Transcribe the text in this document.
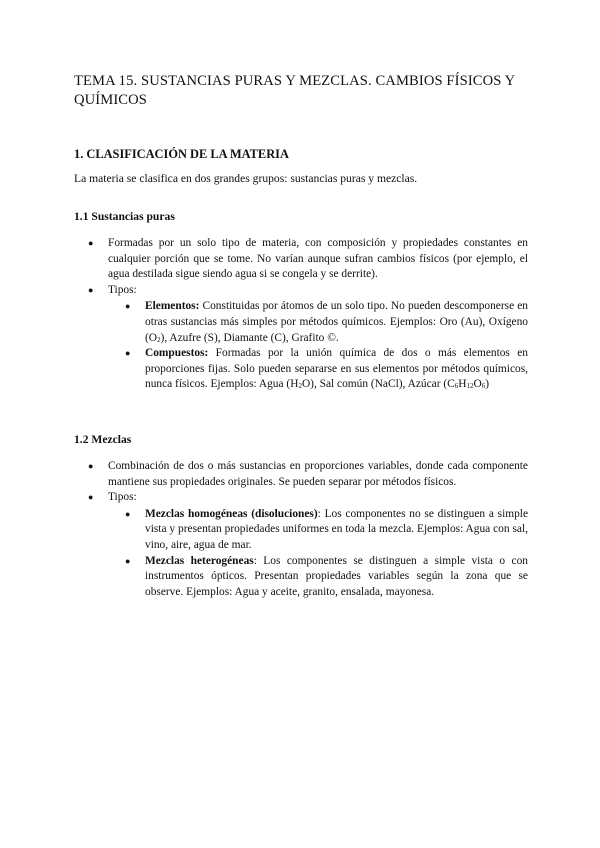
TEMA 15. SUSTANCIAS PURAS Y MEZCLAS. CAMBIOS FÍSICOS Y QUÍMICOS
1. CLASIFICACIÓN DE LA MATERIA

La materia se clasifica en dos grandes grupos: sustancias puras y mezclas.

1.1 Sustancias puras
● Formadas por un solo tipo de materia, con composición y propiedades constantes en cualquier porción que se tome. No varían aunque sufran cambios físicos (por ejemplo, el agua destilada sigue siendo agua si se congela y se derrite).
● Tipos:
● Elementos: Constituidas por átomos de un solo tipo. No pueden descomponerse en otras sustancias más simples por métodos químicos. Ejemplos: Oro (Au), Oxígeno $(O_2)$, Azufre (S), Diamante (C), Grafito ©.
● Compuestos: Formadas por la unión química de dos o más elementos en proporciones fijas. Solo pueden separarse en sus elementos por métodos químicos, nunca físicos. Ejemplos: Agua $(H_2O)$, Sal común (NaCl), Azúcar $(C_6H_{12}O_6)$
1.2 Mezclas
● Combinación de dos o más sustancias en proporciones variables, donde cada componente mantiene sus propiedades originales. Se pueden separar por métodos físicos.
● Tipos:
● Mezclas homogéneas (disoluciones): Los componentes no se distinguen a simple vista y presentan propiedades uniformes en toda la mezcla. Ejemplos: Agua con sal, vino, aire, agua de mar.
● Mezclas heterogéneas: Los componentes se distinguen a simple vista o con instrumentos ópticos. Presentan propiedades variables según la zona que se observe. Ejemplos: Agua y aceite, granito, ensalada, mayonesa.
